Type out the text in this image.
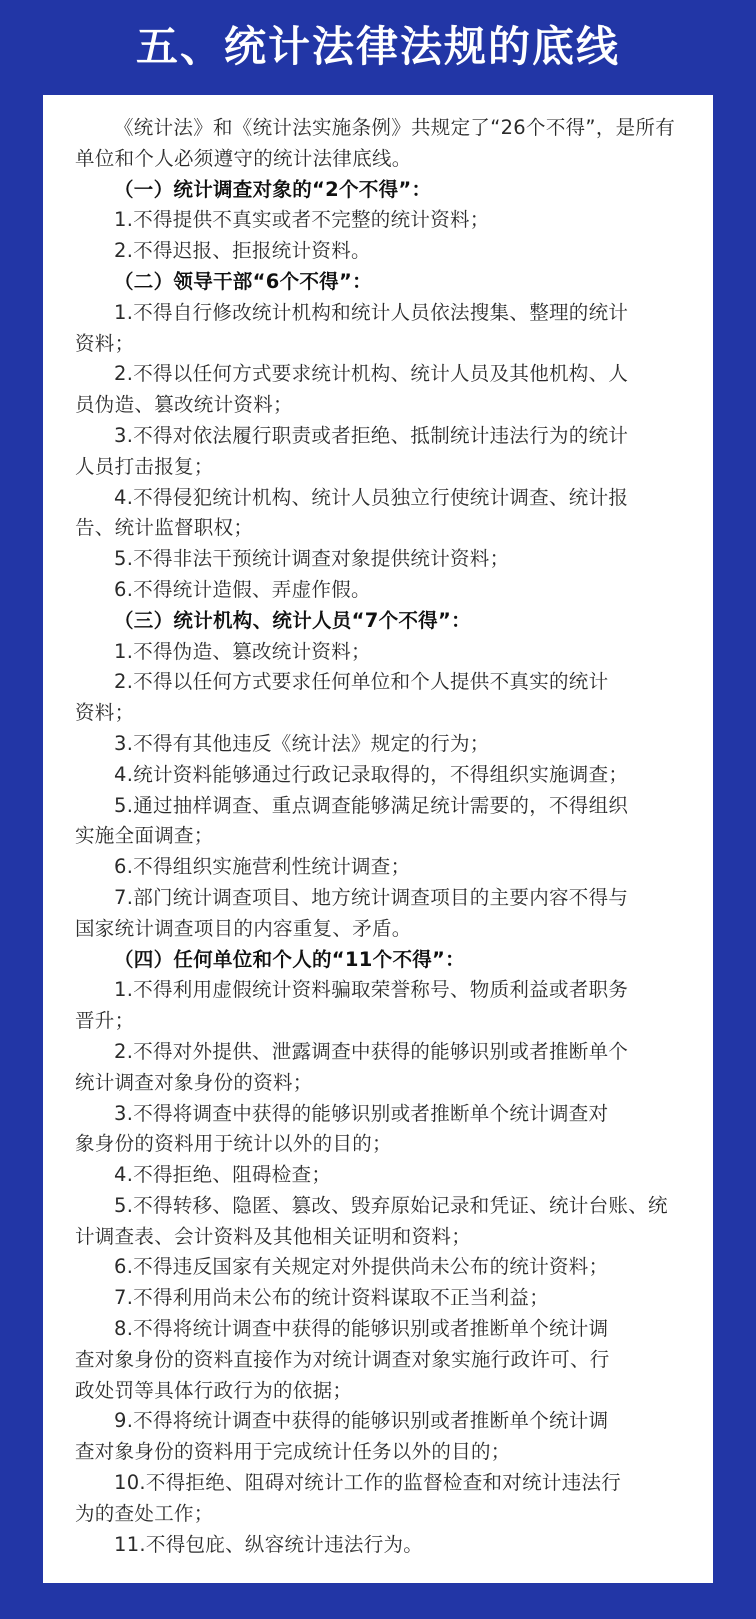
五、统计法律法规的底线
《统计法》和《统计法实施条例》共规定了“26个不得”，是所有
单位和个人必须遵守的统计法律底线。
（一）统计调查对象的“2个不得”：
1.不得提供不真实或者不完整的统计资料；
2.不得迟报、拒报统计资料。
（二）领导干部“6个不得”：
1.不得自行修改统计机构和统计人员依法搜集、整理的统计
资料；
2.不得以任何方式要求统计机构、统计人员及其他机构、人
员伪造、篡改统计资料；
3.不得对依法履行职责或者拒绝、抵制统计违法行为的统计
人员打击报复；
4.不得侵犯统计机构、统计人员独立行使统计调查、统计报
告、统计监督职权；
5.不得非法干预统计调查对象提供统计资料；
6.不得统计造假、弄虚作假。
（三）统计机构、统计人员“7个不得”：
1.不得伪造、篡改统计资料；
2.不得以任何方式要求任何单位和个人提供不真实的统计
资料；
3.不得有其他违反《统计法》规定的行为；
4.统计资料能够通过行政记录取得的，不得组织实施调查；
5.通过抽样调查、重点调查能够满足统计需要的，不得组织
实施全面调查；
6.不得组织实施营利性统计调查；
7.部门统计调查项目、地方统计调查项目的主要内容不得与
国家统计调查项目的内容重复、矛盾。
（四）任何单位和个人的“11个不得”：
1.不得利用虚假统计资料骗取荣誉称号、物质利益或者职务
晋升；
2.不得对外提供、泄露调查中获得的能够识别或者推断单个
统计调查对象身份的资料；
3.不得将调查中获得的能够识别或者推断单个统计调查对
象身份的资料用于统计以外的目的；
4.不得拒绝、阻碍检查；
5.不得转移、隐匿、篡改、毁弃原始记录和凭证、统计台账、统
计调查表、会计资料及其他相关证明和资料；
6.不得违反国家有关规定对外提供尚未公布的统计资料；
7.不得利用尚未公布的统计资料谋取不正当利益；
8.不得将统计调查中获得的能够识别或者推断单个统计调
查对象身份的资料直接作为对统计调查对象实施行政许可、行
政处罚等具体行政行为的依据；
9.不得将统计调查中获得的能够识别或者推断单个统计调
查对象身份的资料用于完成统计任务以外的目的；
10.不得拒绝、阻碍对统计工作的监督检查和对统计违法行
为的查处工作；
11.不得包庇、纵容统计违法行为。
